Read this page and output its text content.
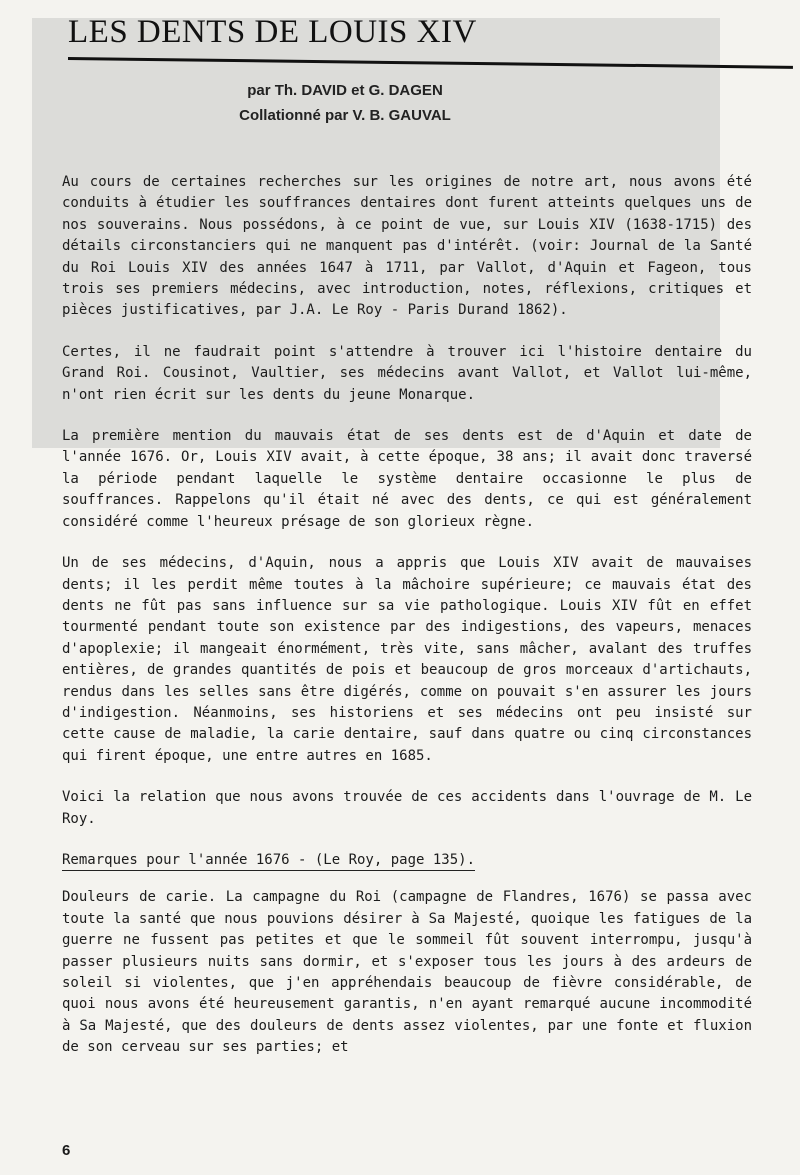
LES DENTS DE LOUIS XIV
par Th. DAVID et G. DAGEN
Collationné par V. B. GAUVAL

Au cours de certaines recherches sur les origines de notre art, nous avons été conduits à étudier les souffrances dentaires dont furent atteints quelques uns de nos souverains. Nous possédons, à ce point de vue, sur Louis XIV (1638-1715) des détails circonstanciers qui ne manquent pas d'intérêt. (voir: Journal de la Santé du Roi Louis XIV des années 1647 à 1711, par Vallot, d'Aquin et Fageon, tous trois ses premiers médecins, avec introduction, notes, réflexions, critiques et pièces justificatives, par J.A. Le Roy - Paris Durand 1862).

Certes, il ne faudrait point s'attendre à trouver ici l'histoire dentaire du Grand Roi. Cousinot, Vaultier, ses médecins avant Vallot, et Vallot lui-même, n'ont rien écrit sur les dents du jeune Monarque.

La première mention du mauvais état de ses dents est de d'Aquin et date de l'année 1676. Or, Louis XIV avait, à cette époque, 38 ans; il avait donc traversé la période pendant laquelle le système dentaire occasionne le plus de souffrances. Rappelons qu'il était né avec des dents, ce qui est généralement considéré comme l'heureux présage de son glorieux règne.

Un de ses médecins, d'Aquin, nous a appris que Louis XIV avait de mauvaises dents; il les perdit même toutes à la mâchoire supérieure; ce mauvais état des dents ne fût pas sans influence sur sa vie pathologique. Louis XIV fût en effet tourmenté pendant toute son existence par des indigestions, des vapeurs, menaces d'apoplexie; il mangeait énormément, très vite, sans mâcher, avalant des truffes entières, de grandes quantités de pois et beaucoup de gros morceaux d'artichauts, rendus dans les selles sans être digérés, comme on pouvait s'en assurer les jours d'indigestion. Néanmoins, ses historiens et ses médecins ont peu insisté sur cette cause de maladie, la carie dentaire, sauf dans quatre ou cinq circonstances qui firent époque, une entre autres en 1685.

Voici la relation que nous avons trouvée de ces accidents dans l'ouvrage de M. Le Roy.

Remarques pour l'année 1676 - (Le Roy, page 135).

Douleurs de carie. La campagne du Roi (campagne de Flandres, 1676) se passa avec toute la santé que nous pouvions désirer à Sa Majesté, quoique les fatigues de la guerre ne fussent pas petites et que le sommeil fût souvent interrompu, jusqu'à passer plusieurs nuits sans dormir, et s'exposer tous les jours à des ardeurs de soleil si violentes, que j'en appréhendais beaucoup de fièvre considérable, de quoi nous avons été heureusement garantis, n'en ayant remarqué aucune incommodité à Sa Majesté, que des douleurs de dents assez violentes, par une fonte et fluxion de son cerveau sur ses parties; et

6
